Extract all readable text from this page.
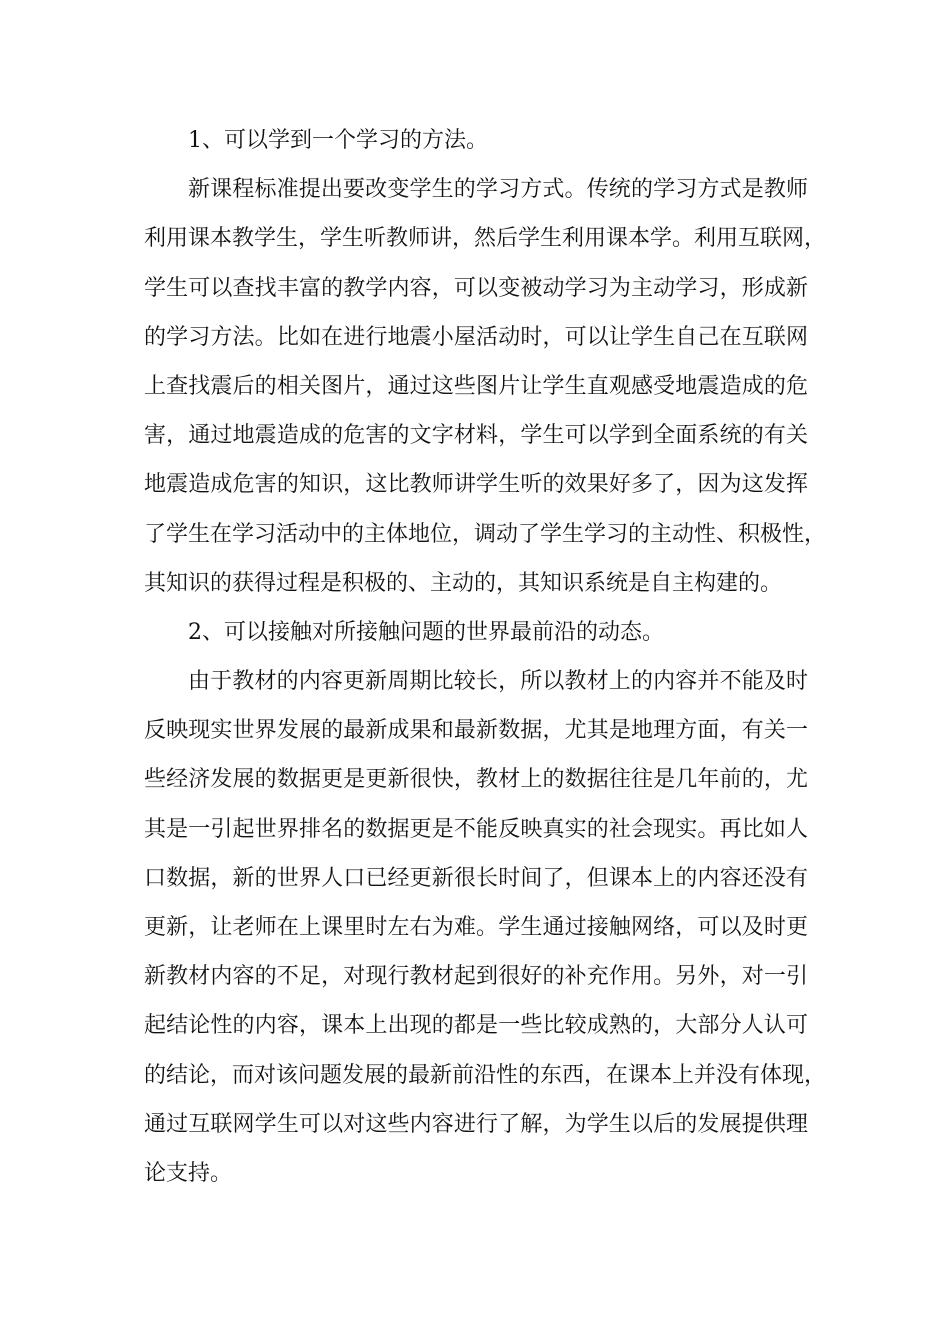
1、可以学到一个学习的方法。
新课程标准提出要改变学生的学习方式。传统的学习方式是教师
利用课本教学生，学生听教师讲，然后学生利用课本学。利用互联网，
学生可以查找丰富的教学内容，可以变被动学习为主动学习，形成新
的学习方法。比如在进行地震小屋活动时，可以让学生自己在互联网
上查找震后的相关图片，通过这些图片让学生直观感受地震造成的危
害，通过地震造成的危害的文字材料，学生可以学到全面系统的有关
地震造成危害的知识，这比教师讲学生听的效果好多了，因为这发挥
了学生在学习活动中的主体地位，调动了学生学习的主动性、积极性，
其知识的获得过程是积极的、主动的，其知识系统是自主构建的。
2、可以接触对所接触问题的世界最前沿的动态。
由于教材的内容更新周期比较长，所以教材上的内容并不能及时
反映现实世界发展的最新成果和最新数据，尤其是地理方面，有关一
些经济发展的数据更是更新很快，教材上的数据往往是几年前的，尤
其是一引起世界排名的数据更是不能反映真实的社会现实。再比如人
口数据，新的世界人口已经更新很长时间了，但课本上的内容还没有
更新，让老师在上课里时左右为难。学生通过接触网络，可以及时更
新教材内容的不足，对现行教材起到很好的补充作用。另外，对一引
起结论性的内容，课本上出现的都是一些比较成熟的，大部分人认可
的结论，而对该问题发展的最新前沿性的东西，在课本上并没有体现，
通过互联网学生可以对这些内容进行了解，为学生以后的发展提供理
论支持。
